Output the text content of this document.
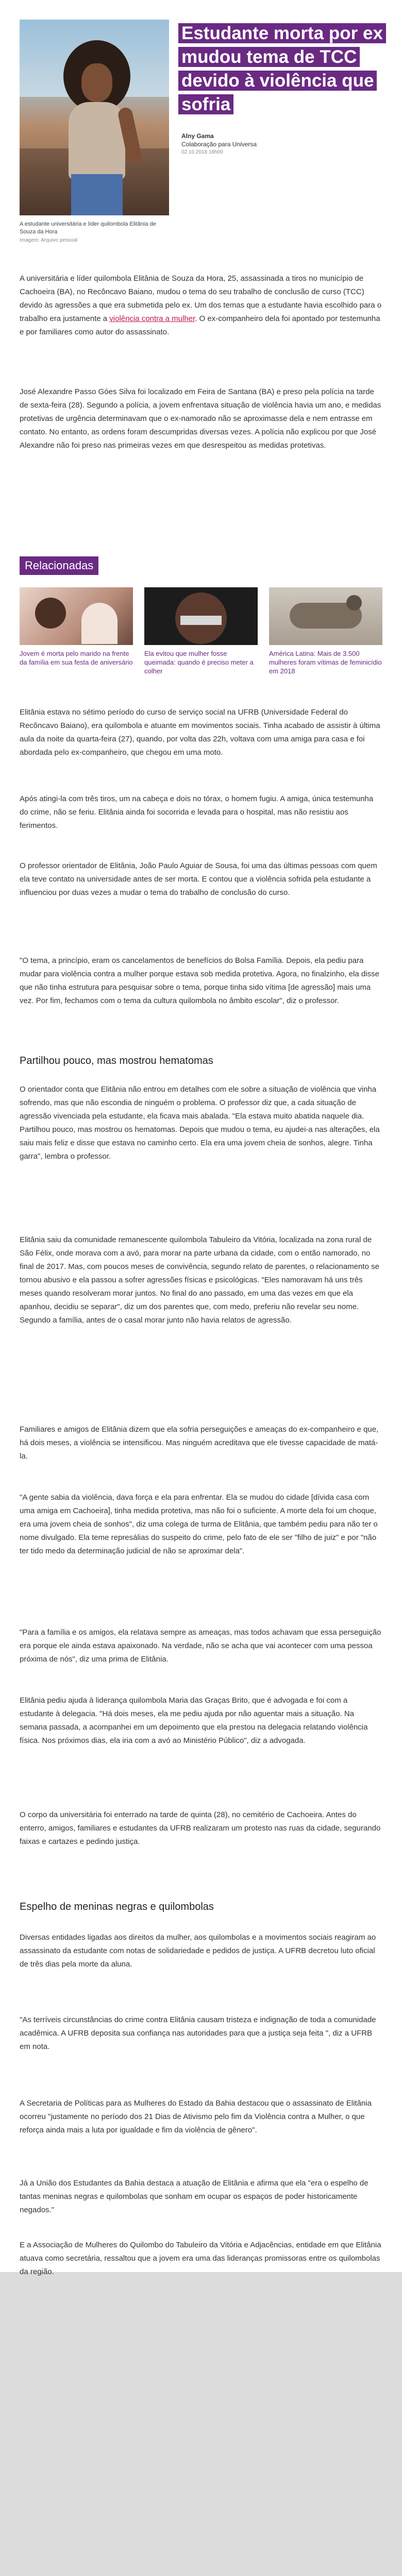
A estudante universitária e líder quilombola Elitânia de Souza da Hora
Imagem: Arquivo pessoal
Estudante morta por ex mudou tema de TCC devido à violência que sofria
Alny Gama
Colaboração para Universa
02.10.2018 18h00

A universitária e líder quilombola Elitânia de Souza da Hora, 25, assassinada a tiros no município de Cachoeira (BA), no Recôncavo Baiano, mudou o tema do seu trabalho de conclusão de curso (TCC) devido às agressões a que era submetida pelo ex. Um dos temas que a estudante havia escolhido para o trabalho era justamente a violência contra a mulher. O ex-companheiro dela foi apontado por testemunha e por familiares como autor do assassinato.

José Alexandre Passo Góes Silva foi localizado em Feira de Santana (BA) e preso pela polícia na tarde de sexta-feira (28). Segundo a polícia, a jovem enfrentava situação de violência havia um ano, e medidas protetivas de urgência determinavam que o ex-namorado não se aproximasse dela e nem entrasse em contato. No entanto, as ordens foram descumpridas diversas vezes. A polícia não explicou por que José Alexandre não foi preso nas primeiras vezes em que desrespeitou as medidas protetivas.

Relacionadas
Jovem é morta pelo marido na frente da família em sua festa de aniversário
Ela evitou que mulher fosse queimada: quando é preciso meter a colher
América Latina: Mais de 3.500 mulheres foram vítimas de feminicídio em 2018

Elitânia estava no sétimo período do curso de serviço social na UFRB (Universidade Federal do Recôncavo Baiano), era quilombola e atuante em movimentos sociais. Tinha acabado de assistir à última aula da noite da quarta-feira (27), quando, por volta das 22h, voltava com uma amiga para casa e foi abordada pelo ex-companheiro, que chegou em uma moto.

Após atingi-la com três tiros, um na cabeça e dois no tórax, o homem fugiu. A amiga, única testemunha do crime, não se feriu. Elitânia ainda foi socorrida e levada para o hospital, mas não resistiu aos ferimentos.

O professor orientador de Elitânia, João Paulo Aguiar de Sousa, foi uma das últimas pessoas com quem ela teve contato na universidade antes de ser morta. E contou que a violência sofrida pela estudante a influenciou por duas vezes a mudar o tema do trabalho de conclusão do curso.

"O tema, a princípio, eram os cancelamentos de benefícios do Bolsa Família. Depois, ela pediu para mudar para violência contra a mulher porque estava sob medida protetiva. Agora, no finalzinho, ela disse que não tinha estrutura para pesquisar sobre o tema, porque tinha sido vítima [de agressão] mais uma vez. Por fim, fechamos com o tema da cultura quilombola no âmbito escolar", diz o professor.

Partilhou pouco, mas mostrou hematomas

O orientador conta que Elitânia não entrou em detalhes com ele sobre a situação de violência que vinha sofrendo, mas que não escondia de ninguém o problema. O professor diz que, a cada situação de agressão vivenciada pela estudante, ela ficava mais abalada. "Ela estava muito abatida naquele dia. Partilhou pouco, mas mostrou os hematomas. Depois que mudou o tema, eu ajudei-a nas alterações, ela saiu mais feliz e disse que estava no caminho certo. Ela era uma jovem cheia de sonhos, alegre. Tinha garra", lembra o professor.

Elitânia saiu da comunidade remanescente quilombola Tabuleiro da Vitória, localizada na zona rural de São Félix, onde morava com a avó, para morar na parte urbana da cidade, com o então namorado, no final de 2017. Mas, com poucos meses de convivência, segundo relato de parentes, o relacionamento se tornou abusivo e ela passou a sofrer agressões físicas e psicológicas. "Eles namoravam há uns três meses quando resolveram morar juntos. No final do ano passado, em uma das vezes em que ela apanhou, decidiu se separar", diz um dos parentes que, com medo, preferiu não revelar seu nome. Segundo a família, antes de o casal morar junto não havia relatos de agressão.

Familiares e amigos de Elitânia dizem que ela sofria perseguições e ameaças do ex-companheiro e que, há dois meses, a violência se intensificou. Mas ninguém acreditava que ele tivesse capacidade de matá-la.

"A gente sabia da violência, dava força e ela para enfrentar. Ela se mudou do cidade [dívida casa com uma amiga em Cachoeira], tinha medida protetiva, mas não foi o suficiente. A morte dela foi um choque, era uma jovem cheia de sonhos", diz uma colega de turma de Elitânia, que também pediu para não ter o nome divulgado. Ela teme represálias do suspeito do crime, pelo fato de ele ser "filho de juiz" e por "não ter tido medo da determinação judicial de não se aproximar dela".

"Para a família e os amigos, ela relatava sempre as ameaças, mas todos achavam que essa perseguição era porque ele ainda estava apaixonado. Na verdade, não se acha que vai acontecer com uma pessoa próxima de nós", diz uma prima de Elitânia.

Elitânia pediu ajuda à liderança quilombola Maria das Graças Brito, que é advogada e foi com a estudante à delegacia. "Há dois meses, ela me pediu ajuda por não aguentar mais a situação. Na semana passada, a acompanhei em um depoimento que ela prestou na delegacia relatando violência física. Nos próximos dias, ela iria com a avó ao Ministério Público", diz a advogada.

O corpo da universitária foi enterrado na tarde de quinta (28), no cemitério de Cachoeira. Antes do enterro, amigos, familiares e estudantes da UFRB realizaram um protesto nas ruas da cidade, segurando faixas e cartazes e pedindo justiça.

Espelho de meninas negras e quilombolas

Diversas entidades ligadas aos direitos da mulher, aos quilombolas e a movimentos sociais reagiram ao assassinato da estudante com notas de solidariedade e pedidos de justiça. A UFRB decretou luto oficial de três dias pela morte da aluna.

"As terríveis circunstâncias do crime contra Elitânia causam tristeza e indignação de toda a comunidade acadêmica. A UFRB deposita sua confiança nas autoridades para que a justiça seja feita ", diz a UFRB em nota.

A Secretaria de Políticas para as Mulheres do Estado da Bahia destacou que o assassinato de Elitânia ocorreu "justamente no período dos 21 Dias de Ativismo pelo fim da Violência contra a Mulher, o que reforça ainda mais a luta por igualdade e fim da violência de gênero".

Já a União dos Estudantes da Bahia destaca a atuação de Elitânia e afirma que ela "era o espelho de tantas meninas negras e quilombolas que sonham em ocupar os espaços de poder historicamente negados."

E a Associação de Mulheres do Quilombo do Tabuleiro da Vitória e Adjacências, entidade em que Elitânia atuava como secretária, ressaltou que a jovem era uma das lideranças promissoras entre os quilombolas da região.
